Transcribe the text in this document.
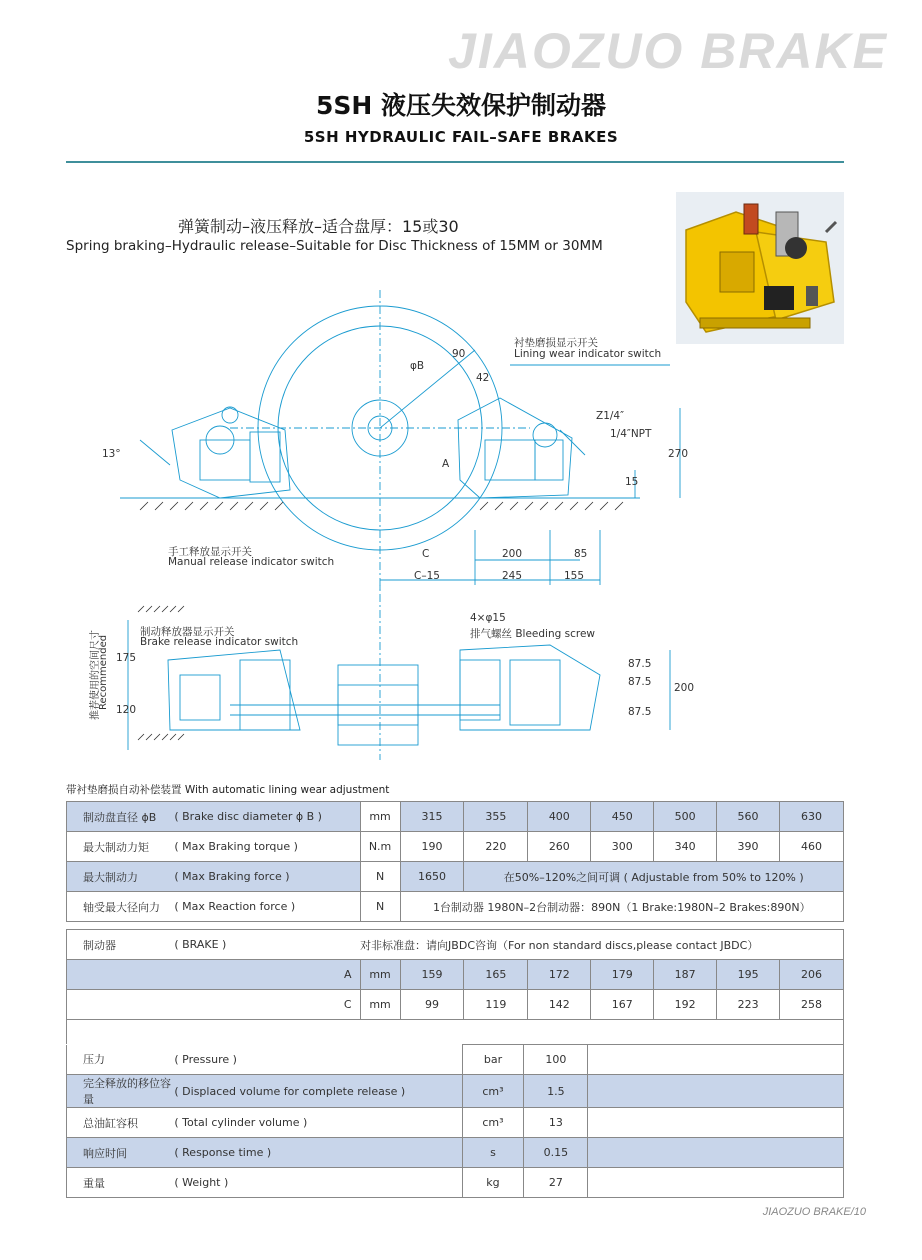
JIAOZUO BRAKE
5SH 液压失效保护制动器
5SH HYDRAULIC FAIL–SAFE BRAKES
弹簧制动–液压释放–适合盘厚：15或30
Spring braking–Hydraulic release–Suitable for Disc Thickness of 15MM or 30MM
衬垫磨损显示开关
Lining wear indicator switch
手工释放显示开关
Manual release indicator switch
制动释放器显示开关
Brake release indicator switch
排气螺丝 Bleeding screw
推荐使用的空间尺寸
Recommended
φB
90
42
A
Z1/4″
1/4″NPT
270
15
13°
C	200	85
C–15	245	155
4×φ15
175
120
87.5
87.5
87.5
200
带衬垫磨损自动补偿装置 With automatic lining wear adjustment
制动盘直径 ϕB	( Brake disc diameter ϕ B )	mm	315	355	400	450	500	560	630
最大制动力矩	( Max Braking torque )	N.m	190	220	260	300	340	390	460
最大制动力	( Max Braking force )	N	1650	在50%–120%之间可调 ( Adjustable from 50% to 120% )					
轴受最大径向力	( Max Reaction force )	N	1台制动器 1980N–2台制动器：890N（1 Brake:1980N–2 Brakes:890N）						
制动器	( BRAKE )	对非标准盘：请向JBDC咨询（For non standard discs,please contact JBDC）							
A		mm	159	165	172	179	187	195	206
C		mm	99	119	142	167	192	223	258

压力	( Pressure )	bar	100	
完全释放的移位容量	( Displaced volume for complete release )	cm³	1.5	
总油缸容积	( Total cylinder volume )	cm³	13	
响应时间	( Response time )	s	0.15	
重量	( Weight )	kg	27	
JIAOZUO BRAKE/10
